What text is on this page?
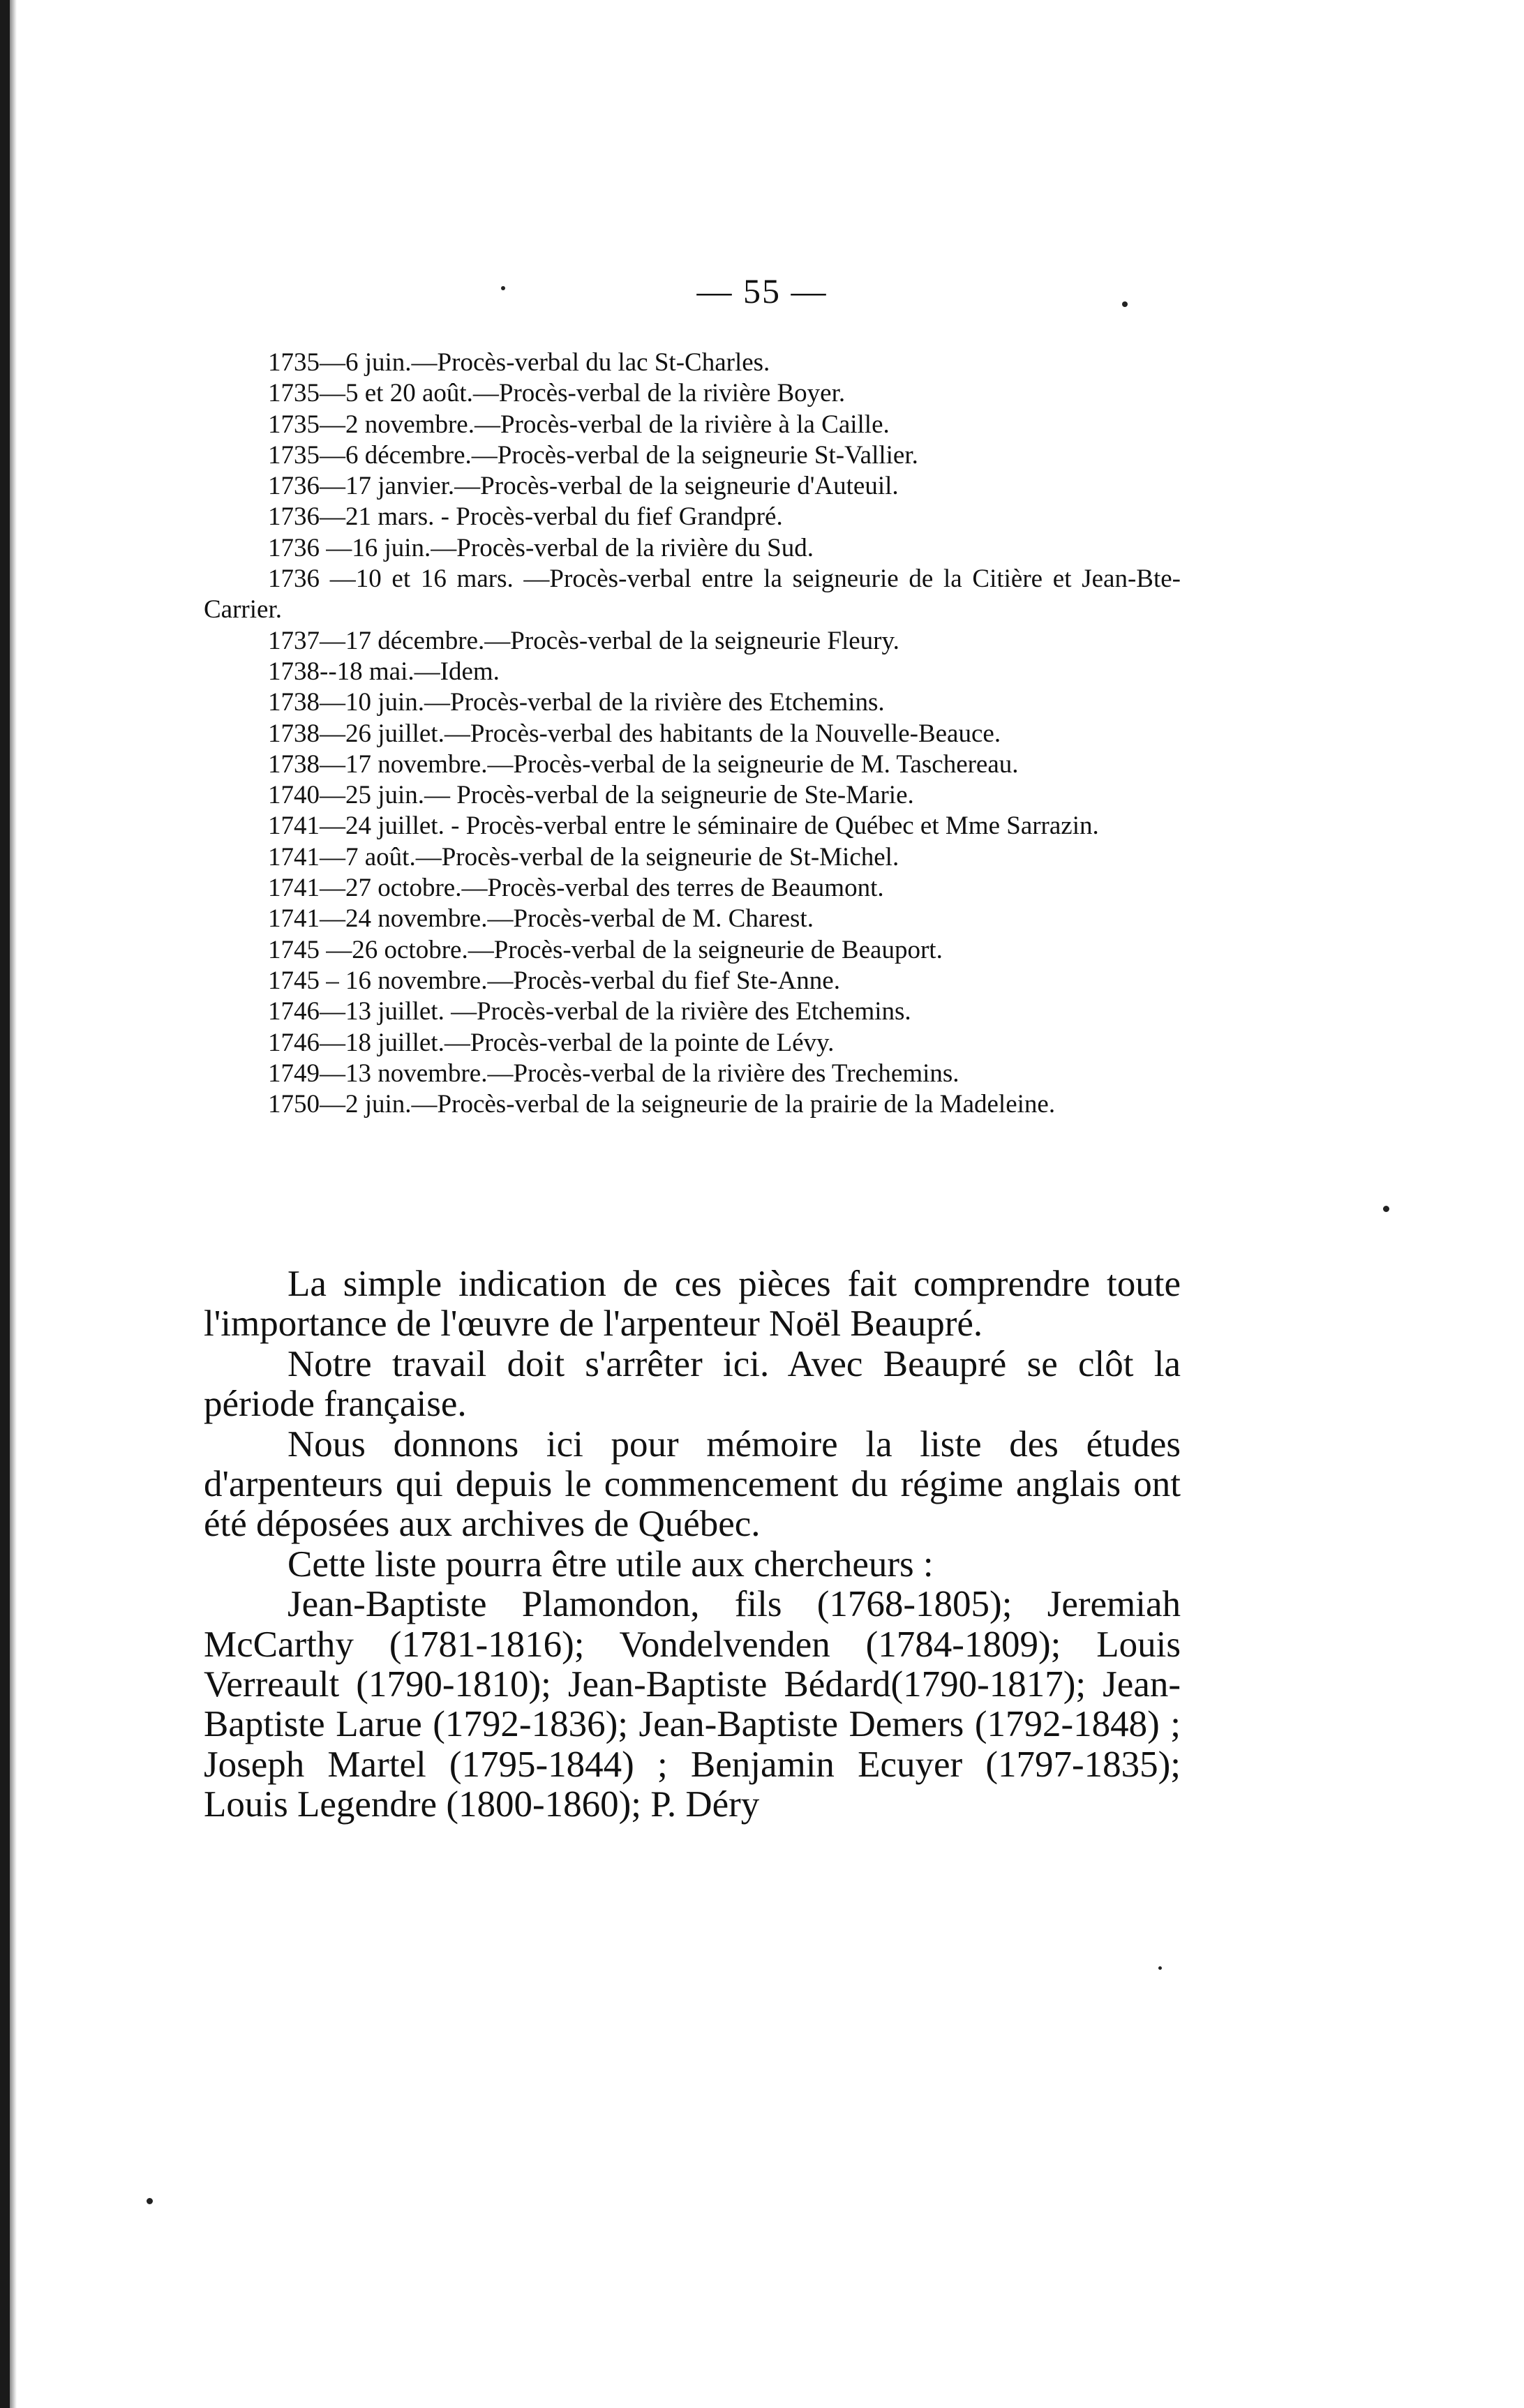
— 55 —

1735—6 juin.—Procès-verbal du lac St-Charles.

1735—5 et 20 août.—Procès-verbal de la rivière Boyer.

1735—2 novembre.—Procès-verbal de la rivière à la Caille.

1735—6 décembre.—Procès-verbal de la seigneurie St-Vallier.

1736—17 janvier.—Procès-verbal de la seigneurie d'Auteuil.

1736—21 mars. - Procès-verbal du fief Grandpré.

1736 —16 juin.—Procès-verbal de la rivière du Sud.

1736 —10 et 16 mars. —Procès-verbal entre la seigneurie de la Citière et Jean-Bte-Carrier.

1737—17 décembre.—Procès-verbal de la seigneurie Fleury.

1738--18 mai.—Idem.

1738—10 juin.—Procès-verbal de la rivière des Etchemins.

1738—26 juillet.—Procès-verbal des habitants de la Nouvelle-Beauce.

1738—17 novembre.—Procès-verbal de la seigneurie de M. Taschereau.

1740—25 juin.— Procès-verbal de la seigneurie de Ste-Marie.

1741—24 juillet. - Procès-verbal entre le séminaire de Québec et Mme Sarrazin.

1741—7 août.—Procès-verbal de la seigneurie de St-Michel.

1741—27 octobre.—Procès-verbal des terres de Beaumont.

1741—24 novembre.—Procès-verbal de M. Charest.

1745 —26 octobre.—Procès-verbal de la seigneurie de Beauport.

1745 – 16 novembre.—Procès-verbal du fief Ste-Anne.

1746—13 juillet. —Procès-verbal de la rivière des Etchemins.

1746—18 juillet.—Procès-verbal de la pointe de Lévy.

1749—13 novembre.—Procès-verbal de la rivière des Trechemins.

1750—2 juin.—Procès-verbal de la seigneurie de la prairie de la Madeleine.

La simple indication de ces pièces fait comprendre toute l'importance de l'œuvre de l'arpenteur Noël Beaupré.

Notre travail doit s'arrêter ici. Avec Beaupré se clôt la période française.

Nous donnons ici pour mémoire la liste des études d'arpenteurs qui depuis le commencement du régime anglais ont été déposées aux archives de Québec.

Cette liste pourra être utile aux chercheurs :

Jean-Baptiste Plamondon, fils (1768-1805); Jeremiah McCarthy (1781-1816); Vondelvenden (1784-1809); Louis Verreault (1790-1810); Jean-Baptiste Bédard(1790-1817); Jean-Baptiste Larue (1792-1836); Jean-Baptiste Demers (1792-1848) ; Joseph Martel (1795-1844) ; Benjamin Ecuyer (1797-1835); Louis Legendre (1800-1860); P. Déry
